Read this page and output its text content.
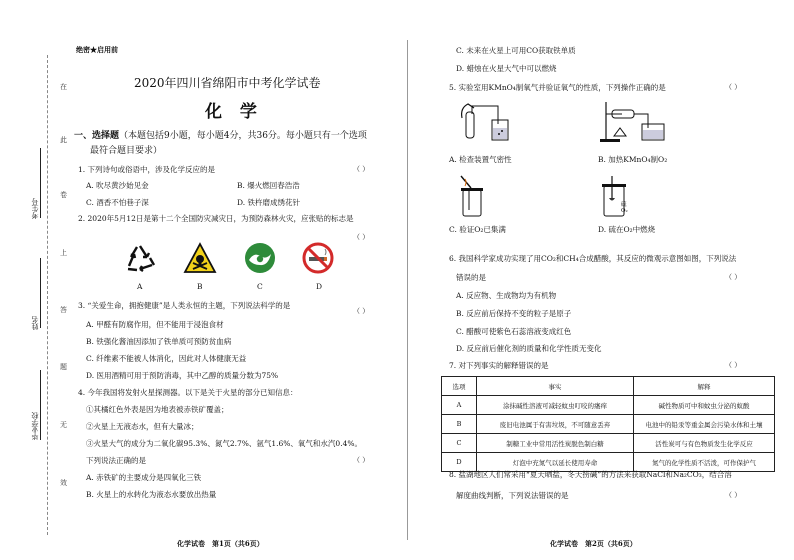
在
此
卷
上
答
题
无
效
考生号
姓名
毕业学校
绝密★启用前
2020年四川省绵阳市中考化学试卷
化 学
一、选择题（本题包括9小题，每小题4分，共36分。每小题只有一个选项
最符合题目要求）
1. 下列诗句或俗语中，涉及化学反应的是	（ ）
A. 吹尽黄沙始见金	B. 爆火燃回春浩浩
C. 酒香不怕巷子深	D. 铁杵磨成绣花针
2. 2020年5月12日是第十二个全国防灾减灾日，为预防森林火灾，应张贴的标志是
（ ）
A	B	C	D
3. “关爱生命，拥抱健康”是人类永恒的主题，下列说法科学的是
（ ）
A. 甲醛有防腐作用，但不能用于浸泡食材
B. 铁强化酱油因添加了铁单质可预防贫血病
C. 纤维素不能被人体消化，因此对人体健康无益
D. 医用酒精可用于预防消毒，其中乙醇的质量分数为75%
4. 今年我国将发射火星探测器。以下是关于火星的部分已知信息：
①其橘红色外表是因为地表被赤铁矿覆盖；
②火星上无液态水，但有大量冰；
③火星大气的成分为二氧化碳95.3%、氮气2.7%、氩气1.6%、氧气和水汽0.4%。
下列说法正确的是	（ ）
A. 赤铁矿的主要成分是四氧化三铁
B. 火星上的水转化为液态水要放出热量
化学试卷　第1页（共6页）
C. 未来在火星上可用CO获取铁单质
D. 蜡烛在火星大气中可以燃烧
5. 实验室用KMnO₄制氧气并验证氧气的性质，下列操作正确的是	（ ）
A. 检查装置气密性	B. 加热KMnO₄制O₂
硫
O₂
C. 验证O₂已集满	D. 硫在O₂中燃烧
6. 我国科学家成功实现了用CO₂和CH₄合成醋酸，其反应的微观示意图如图，下列说法
错误的是	（ ）
A. 反应物、生成物均为有机物
B. 反应前后保持不变的粒子是原子
C. 醋酸可使紫色石蕊溶液变成红色
D. 反应前后催化剂的质量和化学性质无变化
7. 对下列事实的解释错误的是	（ ）
选项	事实	解释
A	涂抹碱性溶液可减轻蚊虫叮咬的瘙痒	碱性物质可中和蚊虫分泌的蚁酸
B	废旧电池属于有害垃圾，不可随意丢弃	电池中的铅汞等重金属会污染水体和土壤
C	制糖工业中常用活性炭脱色制白糖	活性炭可与有色物质发生化学反应
D	灯泡中充氮气以延长使用寿命	氮气的化学性质不活泼，可作保护气
8. 盐湖地区人们常采用“夏天晒盐，冬天捞碱”的方法来获取NaCl和Na₂CO₃，结合溶
解度曲线判断，下列说法错误的是	（ ）
化学试卷　第2页（共6页）
